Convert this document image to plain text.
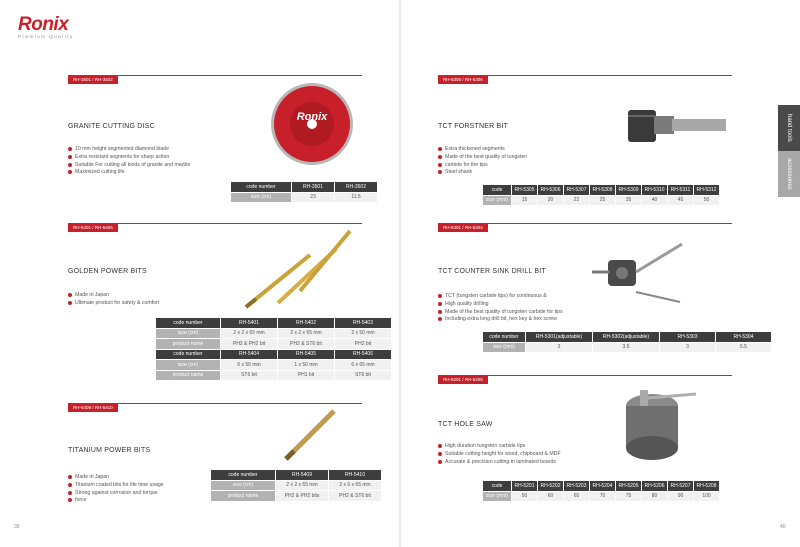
Ronix
Premium Quality
RH-3501 / RH-3502
GRANITE CUTTING DISC
10 mm height segmented diamond blade
Extra resistant segments for sharp action
Suitable For cutting all kinds of granite and marble
Maximized cutting life
Ronix
code number	RH-3501	RH-3502
size (cm)	23	11.5
RH-5401 / RH-5406
GOLDEN POWER BITS
Made in Japan
Ultimate product for safety & comfort
code number	RH-5401	RH-5402	RH-5403
size (cm)	2 x 2 x 65 mm	2 x 2 x 65 mm	2 x 50 mm
product name	PH2 & PH2 bit	PH2 & ST6 bit	PH2 bit
code number	RH-5404	RH-5405	RH-5406
size (cm)	6 x 50 mm	1 x 50 mm	6 x 65 mm
product name	ST6 bit	PH1 bit	ST6 bit
RH-5409 / RH-5410
TITANIUM POWER BITS
Made in Japan
Titanium coated bits for life time usage
Strong against corrosion and torque
force
code number	RH-5409	RH-5410
size (cm)	2 x 2 x 65 mm	2 x 6 x 65 mm
product name	PH2 & PH2 bits	PH2 & ST6 bit
39
RH-5305 / RH-5306
TCT FORSTNER BIT
Extra thickened segments
Made of the best quality of tungsten
carbide for the tips
Steel shank
code	RH-5305	RH-5306	RH-5307	RH-5308	RH-5309	RH-5310	RH-5311	RH-5312
size (mm)	15	20	22	25	35	40	45	50
RH-5301 / RH-5304
TCT COUNTER SINK DRILL BIT
TCT (tungsten carbide tips) for continuous &
High quality drilling
Made of the best quality of tungsten carbide for tips
Including extra long drill bit, hex key & hex screw
code number	RH-5301(adjustable)	RH-5302(adjustable)	RH-5303	RH-5304
size (mm)	3	3.5	3	5.5
RH-5201 / RH-5208
TCT HOLE SAW
High duration tungsten carbide tips
Suitable cutting height for wood, chipboard & MDF
Accurate & precision cutting in laminated boards
code	RH-5201	RH-5202	RH-5203	RH-5204	RH-5205	RH-5206	RH-5207	RH-5208
size (mm)	50	60	65	70	75	80	90	100
40
hand tools
accessories
